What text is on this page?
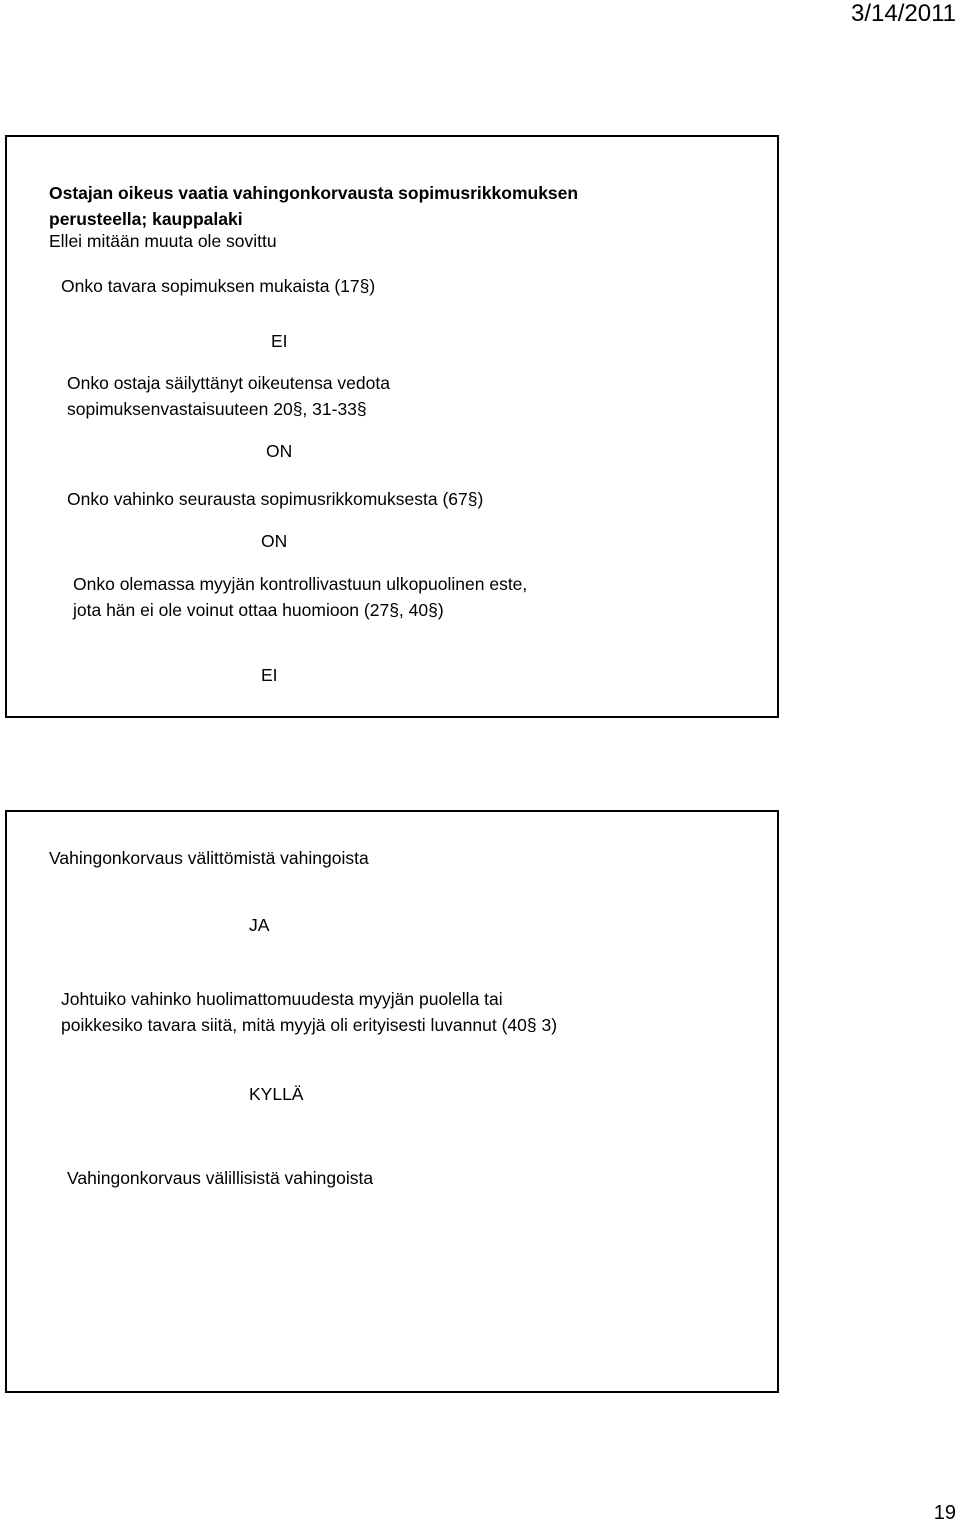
3/14/2011
Ostajan oikeus vaatia vahingonkorvausta sopimusrikkomuksen
perusteella; kauppalaki
Ellei mitään muuta ole sovittu
Onko tavara sopimuksen mukaista (17§)
EI
Onko ostaja säilyttänyt oikeutensa vedota
sopimuksenvastaisuuteen 20§, 31-33§
ON
Onko vahinko seurausta sopimusrikkomuksesta (67§)
ON
Onko olemassa myyjän kontrollivastuun ulkopuolinen este,
jota hän ei ole voinut ottaa huomioon (27§, 40§)
EI
Vahingonkorvaus välittömistä vahingoista
JA
Johtuiko vahinko huolimattomuudesta myyjän puolella tai
poikkesiko tavara siitä, mitä myyjä oli erityisesti luvannut (40§ 3)
KYLLÄ
Vahingonkorvaus välillisistä vahingoista
19
